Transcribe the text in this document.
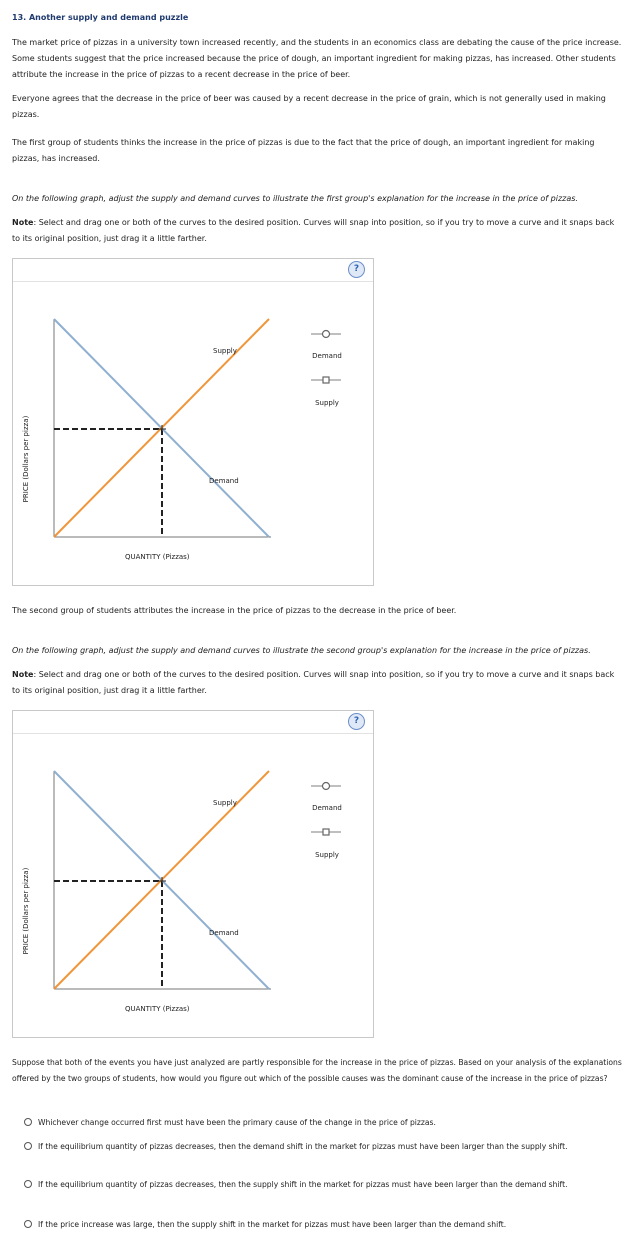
13. Another supply and demand puzzle
The market price of pizzas in a university town increased recently, and the students in an economics class are debating the cause of the price increase. Some students suggest that the price increased because the price of dough, an important ingredient for making pizzas, has increased. Other students attribute the increase in the price of pizzas to a recent decrease in the price of beer.
Everyone agrees that the decrease in the price of beer was caused by a recent decrease in the price of grain, which is not generally used in making pizzas.
The first group of students thinks the increase in the price of pizzas is due to the fact that the price of dough, an important ingredient for making pizzas, has increased.
On the following graph, adjust the supply and demand curves to illustrate the first group's explanation for the increase in the price of pizzas.
Note: Select and drag one or both of the curves to the desired position. Curves will snap into position, so if you try to move a curve and it snaps back to its original position, just drag it a little farther.
?
PRICE (Dollars per pizza)
Supply
Demand
QUANTITY (Pizzas)
Demand
Supply
The second group of students attributes the increase in the price of pizzas to the decrease in the price of beer.
On the following graph, adjust the supply and demand curves to illustrate the second group's explanation for the increase in the price of pizzas.
Note: Select and drag one or both of the curves to the desired position. Curves will snap into position, so if you try to move a curve and it snaps back to its original position, just drag it a little farther.
?
PRICE (Dollars per pizza)
Supply
Demand
QUANTITY (Pizzas)
Demand
Supply
Suppose that both of the events you have just analyzed are partly responsible for the increase in the price of pizzas. Based on your analysis of the explanations offered by the two groups of students, how would you figure out which of the possible causes was the dominant cause of the increase in the price of pizzas?
Whichever change occurred first must have been the primary cause of the change in the price of pizzas.
If the equilibrium quantity of pizzas decreases, then the demand shift in the market for pizzas must have been larger than the supply shift.
If the equilibrium quantity of pizzas decreases, then the supply shift in the market for pizzas must have been larger than the demand shift.
If the price increase was large, then the supply shift in the market for pizzas must have been larger than the demand shift.
